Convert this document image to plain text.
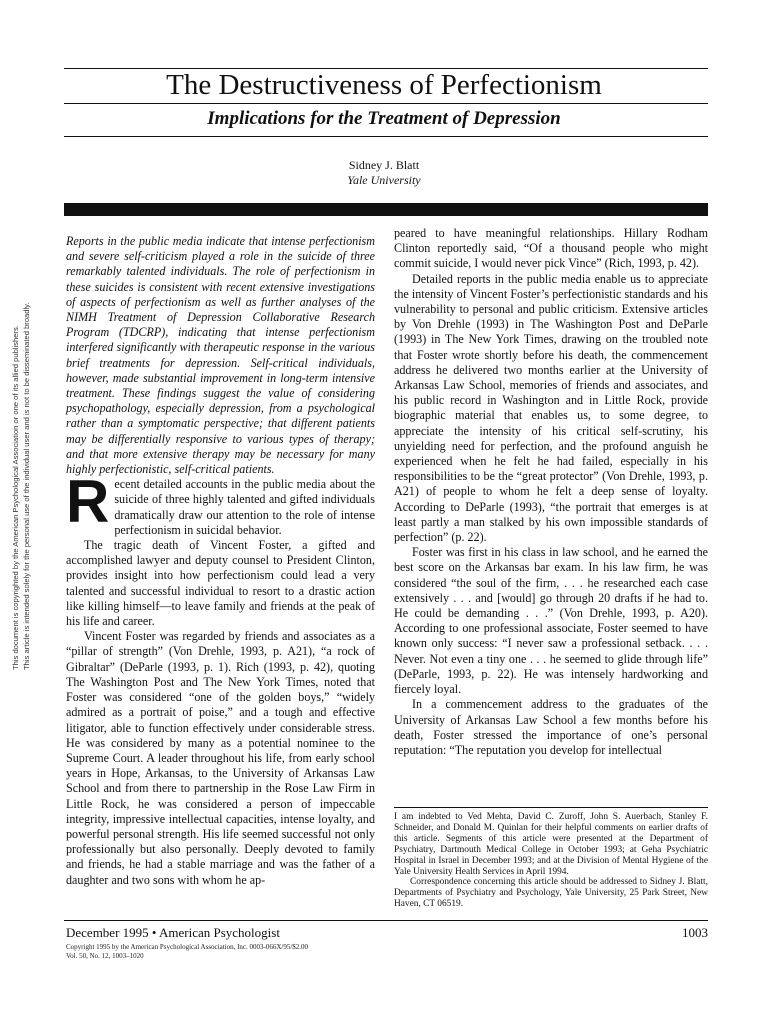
The Destructiveness of Perfectionism
Implications for the Treatment of Depression
Sidney J. Blatt
Yale University
This document is copyrighted by the American Psychological Association or one of its allied publishers. This article is intended solely for the personal use of the individual user and is not to be disseminated broadly.

Reports in the public media indicate that intense perfectionism and severe self-criticism played a role in the suicide of three remarkably talented individuals. The role of perfectionism in these suicides is consistent with recent extensive investigations of aspects of perfectionism as well as further analyses of the NIMH Treatment of Depression Collaborative Research Program (TDCRP), indicating that intense perfectionism interfered significantly with therapeutic response in the various brief treatments for depression. Self-critical individuals, however, made substantial improvement in long-term intensive treatment. These findings suggest the value of considering psychopathology, especially depression, from a psychological rather than a symptomatic perspective; that different patients may be differentially responsive to various types of therapy; and that more extensive therapy may be necessary for many highly perfectionistic, self-critical patients.

Recent detailed accounts in the public media about the suicide of three highly talented and gifted individuals dramatically draw our attention to the role of intense perfectionism in suicidal behavior.

The tragic death of Vincent Foster, a gifted and accomplished lawyer and deputy counsel to President Clinton, provides insight into how perfectionism could lead a very talented and successful individual to resort to a drastic action like killing himself—to leave family and friends at the peak of his life and career.

Vincent Foster was regarded by friends and associates as a “pillar of strength” (Von Drehle, 1993, p. A21), “a rock of Gibraltar” (DeParle (1993, p. 1). Rich (1993, p. 42), quoting The Washington Post and The New York Times, noted that Foster was considered “one of the golden boys,” “widely admired as a portrait of poise,” and a tough and effective litigator, able to function effectively under considerable stress. He was considered by many as a potential nominee to the Supreme Court. A leader throughout his life, from early school years in Hope, Arkansas, to the University of Arkansas Law School and from there to partnership in the Rose Law Firm in Little Rock, he was considered a person of impeccable integrity, impressive intellectual capacities, intense loyalty, and powerful personal strength. His life seemed successful not only professionally but also personally. Deeply devoted to family and friends, he had a stable marriage and was the father of a daughter and two sons with whom he ap-

peared to have meaningful relationships. Hillary Rodham Clinton reportedly said, “Of a thousand people who might commit suicide, I would never pick Vince” (Rich, 1993, p. 42).

Detailed reports in the public media enable us to appreciate the intensity of Vincent Foster’s perfectionistic standards and his vulnerability to personal and public criticism. Extensive articles by Von Drehle (1993) in The Washington Post and DeParle (1993) in The New York Times, drawing on the troubled note that Foster wrote shortly before his death, the commencement address he delivered two months earlier at the University of Arkansas Law School, memories of friends and associates, and his public record in Washington and in Little Rock, provide biographic material that enables us, to some degree, to appreciate the intensity of his critical self-scrutiny, his unyielding need for perfection, and the profound anguish he experienced when he felt he had failed, especially in his responsibilities to be the “great protector” (Von Drehle, 1993, p. A21) of people to whom he felt a deep sense of loyalty. According to DeParle (1993), “the portrait that emerges is at least partly a man stalked by his own impossible standards of perfection” (p. 22).

Foster was first in his class in law school, and he earned the best score on the Arkansas bar exam. In his law firm, he was considered “the soul of the firm, . . . he researched each case extensively . . . and [would] go through 20 drafts if he had to. He could be demanding . . .” (Von Drehle, 1993, p. A20). According to one professional associate, Foster seemed to have known only success: “I never saw a professional setback. . . . Never. Not even a tiny one . . . he seemed to glide through life” (DeParle, 1993, p. 22). He was intensely hardworking and fiercely loyal.

In a commencement address to the graduates of the University of Arkansas Law School a few months before his death, Foster stressed the importance of one’s personal reputation: “The reputation you develop for intellectual

I am indebted to Ved Mehta, David C. Zuroff, John S. Auerbach, Stanley F. Schneider, and Donald M. Quinlan for their helpful comments on earlier drafts of this article. Segments of this article were presented at the Department of Psychiatry, Dartmouth Medical College in October 1993; at Geha Psychiatric Hospital in Israel in December 1993; and at the Division of Mental Hygiene of the Yale University Health Services in April 1994.

Correspondence concerning this article should be addressed to Sidney J. Blatt, Departments of Psychiatry and Psychology, Yale University, 25 Park Street, New Haven, CT 06519.

December 1995 • American Psychologist	1003
Copyright 1995 by the American Psychological Association, Inc. 0003-066X/95/$2.00
Vol. 50, No. 12, 1003–1020
